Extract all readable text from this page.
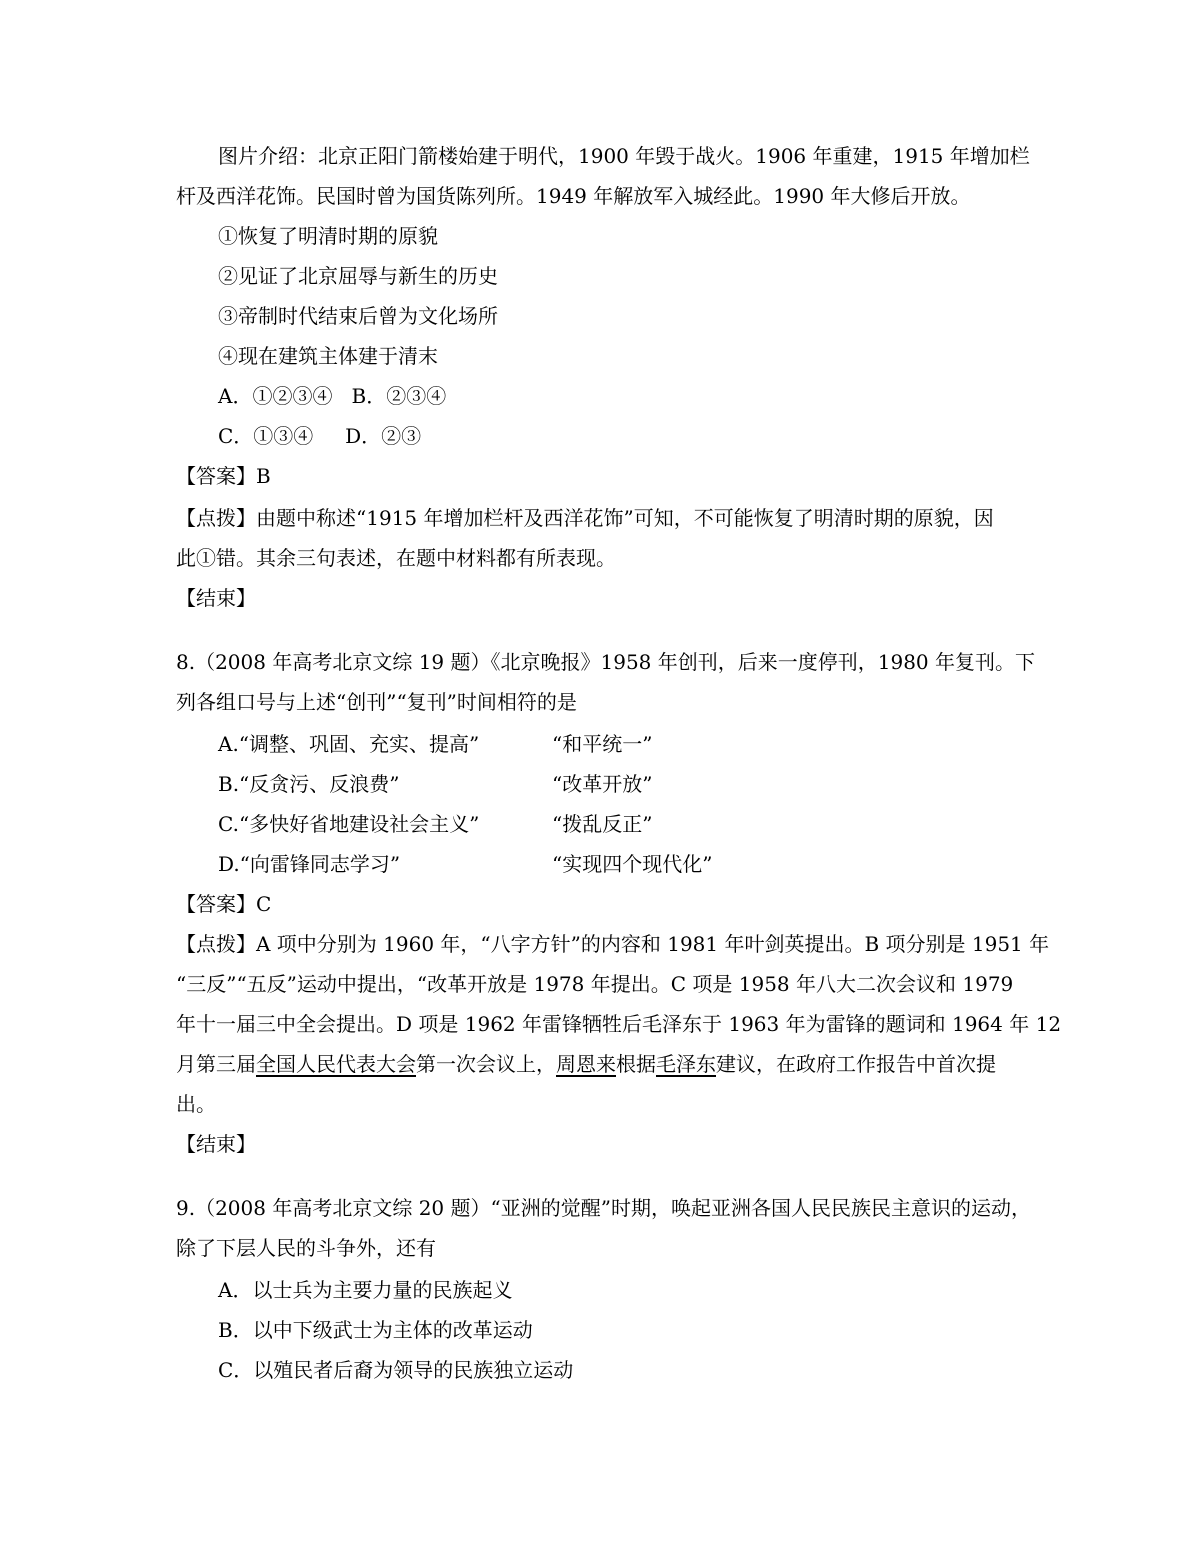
图片介绍：北京正阳门箭楼始建于明代，1900 年毁于战火。1906 年重建，1915 年增加栏
杆及西洋花饰。民国时曾为国货陈列所。1949 年解放军入城经此。1990 年大修后开放。
①恢复了明清时期的原貌
②见证了北京屈辱与新生的历史
③帝制时代结束后曾为文化场所
④现在建筑主体建于清末
A．①②③④   B．②③④
C．①③④     D．②③
【答案】B
【点拨】由题中称述“1915 年增加栏杆及西洋花饰”可知，不可能恢复了明清时期的原貌，因
此①错。其余三句表述，在题中材料都有所表现。
【结束】
8.（2008 年高考北京文综 19 题）《北京晚报》1958 年创刊，后来一度停刊，1980 年复刊。下
列各组口号与上述“创刊”“复刊”时间相符的是
A.“调整、巩固、充实、提高”	“和平统一”
B.“反贪污、反浪费”	“改革开放”
C.“多快好省地建设社会主义”	“拨乱反正”
D.“向雷锋同志学习”	“实现四个现代化”
【答案】C
【点拨】A 项中分别为 1960 年，“八字方针”的内容和 1981 年叶剑英提出。B 项分别是 1951 年
“三反”“五反”运动中提出，“改革开放是 1978 年提出。C 项是 1958 年八大二次会议和 1979
年十一届三中全会提出。D 项是 1962 年雷锋牺牲后毛泽东于 1963 年为雷锋的题词和 1964 年 12
月第三届全国人民代表大会第一次会议上，周恩来根据毛泽东建议，在政府工作报告中首次提
出。
【结束】
9.（2008 年高考北京文综 20 题）“亚洲的觉醒”时期，唤起亚洲各国人民民族民主意识的运动，
除了下层人民的斗争外，还有
A．以士兵为主要力量的民族起义
B．以中下级武士为主体的改革运动
C．以殖民者后裔为领导的民族独立运动
